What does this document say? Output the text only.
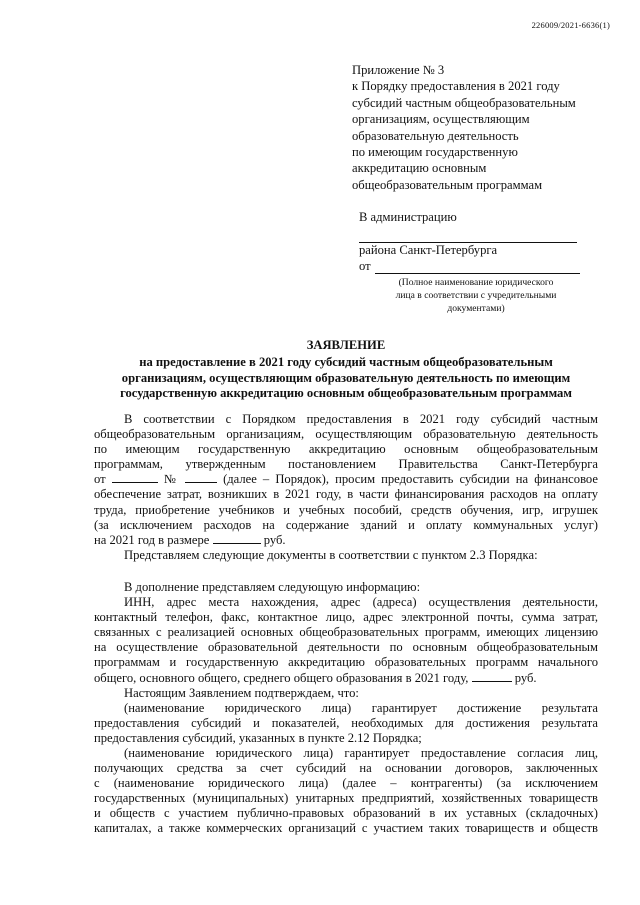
226009/2021-6636(1)
Приложение № 3
к Порядку предоставления в 2021 году
субсидий частным общеобразовательным
организациям, осуществляющим
образовательную деятельность
по имеющим государственную
аккредитацию основным
общеобразовательным программам
В администрацию
района Санкт-Петербурга
от
(Полное наименование юридического
лица в соответствии с учредительными
документами)
ЗАЯВЛЕНИЕ
на предоставление в 2021 году субсидий частным общеобразовательным
организациям, осуществляющим образовательную деятельность по имеющим
государственную аккредитацию основным общеобразовательным программам

В соответствии с Порядком предоставления в 2021 году субсидий частным

общеобразовательным организациям, осуществляющим образовательную деятельность

по имеющим государственную аккредитацию основным общеобразовательным

программам, утвержденным постановлением Правительства Санкт-Петербурга

от	№	(далее – Порядок), просим предоставить субсидии на финансовое

обеспечение затрат, возникших в 2021 году, в части финансирования расходов на оплату

труда, приобретение учебников и учебных пособий, средств обучения, игр, игрушек

(за исключением расходов на содержание зданий и оплату коммунальных услуг)

на 2021 год в размере	руб.

Представляем следующие документы в соответствии с пунктом 2.3 Порядка:

В дополнение представляем следующую информацию:

ИНН, адрес места нахождения, адрес (адреса) осуществления деятельности,

контактный телефон, факс, контактное лицо, адрес электронной почты, сумма затрат,

связанных с реализацией основных общеобразовательных программ, имеющих лицензию

на осуществление образовательной деятельности по основным общеобразовательным

программам и государственную аккредитацию образовательных программ начального

общего, основного общего, среднего общего образования в 2021 году,	руб.

Настоящим Заявлением подтверждаем, что:

(наименование юридического лица) гарантирует достижение результата

предоставления субсидий и показателей, необходимых для достижения результата

предоставления субсидий, указанных в пункте 2.12 Порядка;

(наименование юридического лица) гарантирует предоставление согласия лиц,

получающих средства за счет субсидий на основании договоров, заключенных

с (наименование юридического лица) (далее – контрагенты) (за исключением

государственных (муниципальных) унитарных предприятий, хозяйственных товариществ

и обществ с участием публично-правовых образований в их уставных (складочных)

капиталах, а также коммерческих организаций с участием таких товариществ и обществ
